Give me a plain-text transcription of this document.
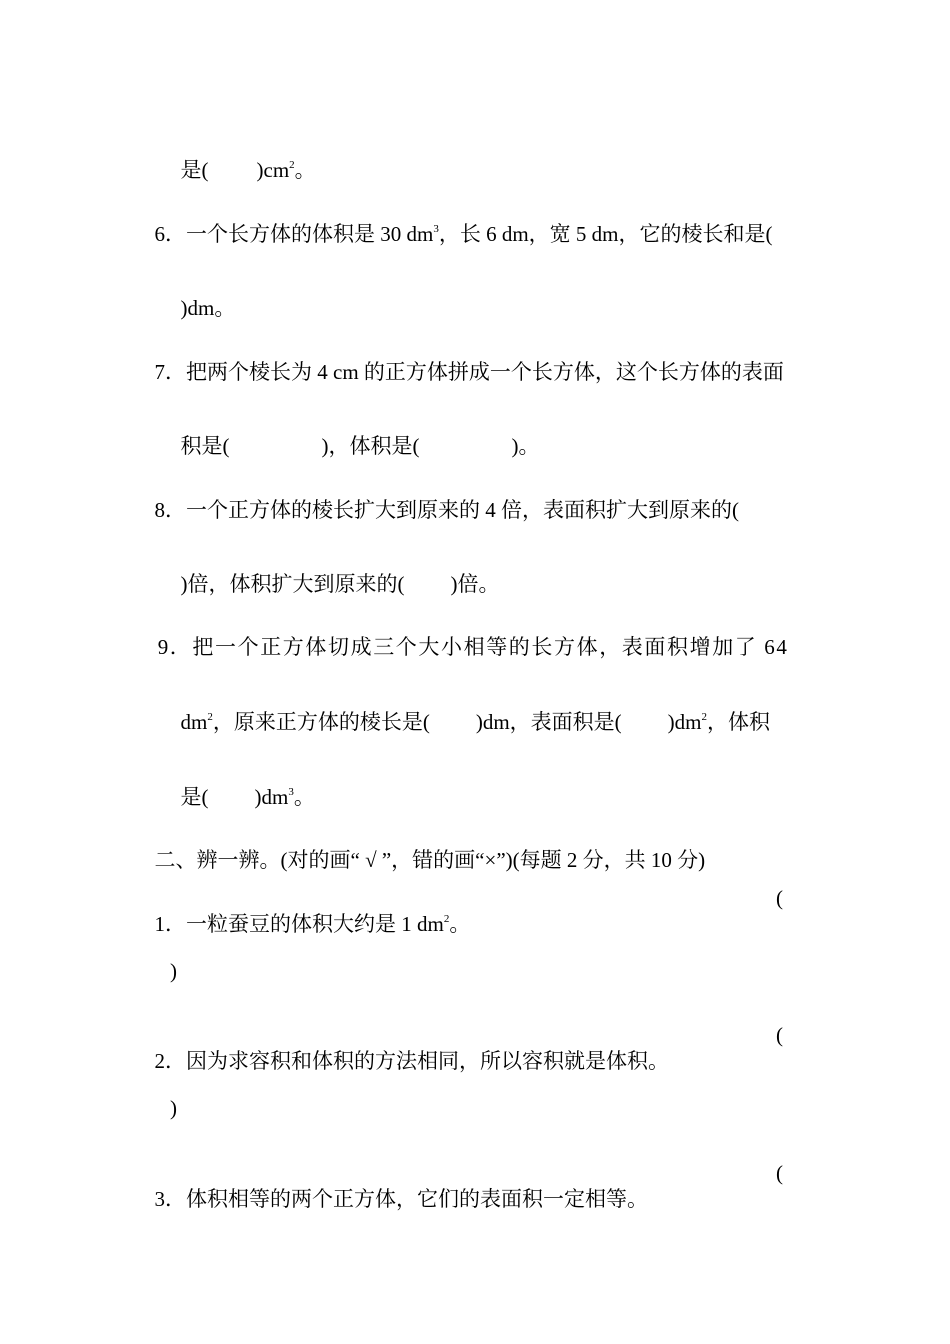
是( )$cm^2$。

6．一个长方体的体积是 30 $dm^3$，长 6 dm，宽 5 dm，它的棱长和是(

)dm。

7．把两个棱长为 4 cm 的正方体拼成一个长方体，这个长方体的表面

积是(	)，体积是(	)。

8．一个正方体的棱长扩大到原来的 4 倍，表面积扩大到原来的(

)倍，体积扩大到原来的( )倍。

9．把一个正方体切成三个大小相等的长方体，表面积增加了 64

$dm^2$，原来正方体的棱长是( )dm，表面积是( )$dm^2$，体积

是( )$dm^3$。

二、辨一辨。(对的画“ √ ”，错的画“×”)(每题 2 分，共 10 分)

1．一粒蚕豆的体积大约是 1 $dm^2$。

(
)

2．因为求容积和体积的方法相同，所以容积就是体积。

(
)

3．体积相等的两个正方体，它们的表面积一定相等。

(
